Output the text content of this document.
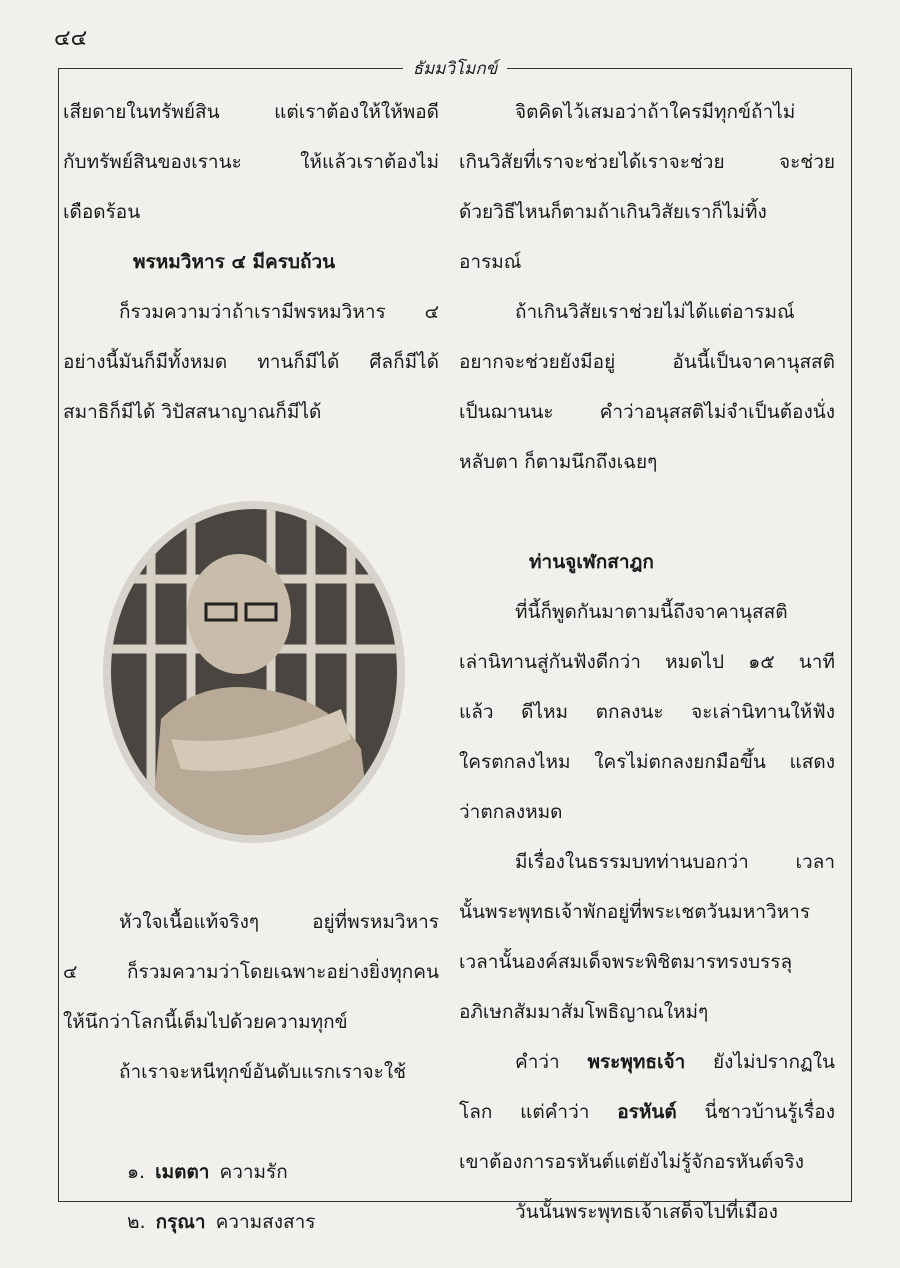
๔๔
ธัมมวิโมกข์
เสียดายในทรัพย์สิน แต่เราต้องให้ให้พอดี
กับทรัพย์สินของเรานะ ให้แล้วเราต้องไม่
เดือดร้อน
พรหมวิหาร ๔ มีครบถ้วน
ก็รวมความว่าถ้าเรามีพรหมวิหาร ๔
อย่างนี้มันก็มีทั้งหมด ทานก็มีได้ ศีลก็มีได้
สมาธิก็มีได้ วิปัสสนาญาณก็มีได้
หัวใจเนื้อแท้จริงๆ อยู่ที่พรหมวิหาร
๔ ก็รวมความว่าโดยเฉพาะอย่างยิ่งทุกคน
ให้นึกว่าโลกนี้เต็มไปด้วยความทุกข์
ถ้าเราจะหนีทุกข์อันดับแรกเราจะใช้
๑. เมตตา ความรัก
๒. กรุณา ความสงสาร
จิตคิดไว้เสมอว่าถ้าใครมีทุกข์ถ้าไม่
เกินวิสัยที่เราจะช่วยได้เราจะช่วย จะช่วย
ด้วยวิธีไหนก็ตามถ้าเกินวิสัยเราก็ไม่ทิ้ง
อารมณ์
ถ้าเกินวิสัยเราช่วยไม่ได้แต่อารมณ์
อยากจะช่วยยังมีอยู่ อันนี้เป็นจาคานุสสติ
เป็นฌานนะ คำว่าอนุสสติไม่จำเป็นต้องนั่ง
หลับตา ก็ตามนึกถึงเฉยๆ
ท่านจูเฬกสาฎก
ที่นี้ก็พูดกันมาตามนี้ถึงจาคานุสสติ
เล่านิทานสู่กันฟังดีกว่า หมดไป ๑๕ นาที
แล้ว ดีไหม ตกลงนะ จะเล่านิทานให้ฟัง
ใครตกลงไหม ใครไม่ตกลงยกมือขึ้น แสดง
ว่าตกลงหมด
มีเรื่องในธรรมบทท่านบอกว่า เวลา
นั้นพระพุทธเจ้าพักอยู่ที่พระเชตวันมหาวิหาร
เวลานั้นองค์สมเด็จพระพิชิตมารทรงบรรลุ
อภิเษกสัมมาสัมโพธิญาณใหม่ๆ
คำว่า พระพุทธเจ้า ยังไม่ปรากฏใน
โลก แต่คำว่า อรหันต์ นี่ชาวบ้านรู้เรื่อง
เขาต้องการอรหันต์แต่ยังไม่รู้จักอรหันต์จริง
วันนั้นพระพุทธเจ้าเสด็จไปที่เมือง
